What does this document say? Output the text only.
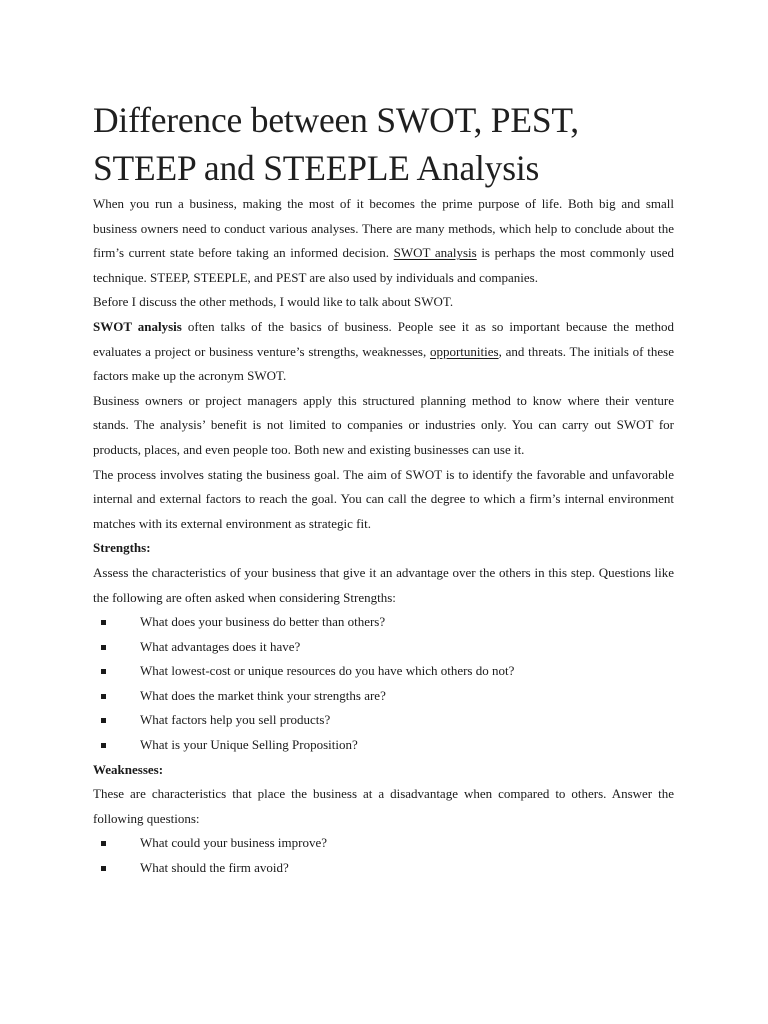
Difference between SWOT, PEST,
STEEP and STEEPLE Analysis

When you run a business, making the most of it becomes the prime purpose of life. Both big and small business owners need to conduct various analyses. There are many methods, which help to conclude about the firm’s current state before taking an informed decision. SWOT analysis is perhaps the most commonly used technique. STEEP, STEEPLE, and PEST are also used by individuals and companies.

Before I discuss the other methods, I would like to talk about SWOT.

SWOT analysis often talks of the basics of business. People see it as so important because the method evaluates a project or business venture’s strengths, weaknesses, opportunities, and threats. The initials of these factors make up the acronym SWOT.

Business owners or project managers apply this structured planning method to know where their venture stands. The analysis’ benefit is not limited to companies or industries only. You can carry out SWOT for products, places, and even people too. Both new and existing businesses can use it.

The process involves stating the business goal. The aim of SWOT is to identify the favorable and unfavorable internal and external factors to reach the goal. You can call the degree to which a firm’s internal environment matches with its external environment as strategic fit.

Strengths:

Assess the characteristics of your business that give it an advantage over the others in this step. Questions like the following are often asked when considering Strengths:

What does your business do better than others?
What advantages does it have?
What lowest-cost or unique resources do you have which others do not?
What does the market think your strengths are?
What factors help you sell products?
What is your Unique Selling Proposition?
Weaknesses:

These are characteristics that place the business at a disadvantage when compared to others. Answer the following questions:

What could your business improve?
What should the firm avoid?
